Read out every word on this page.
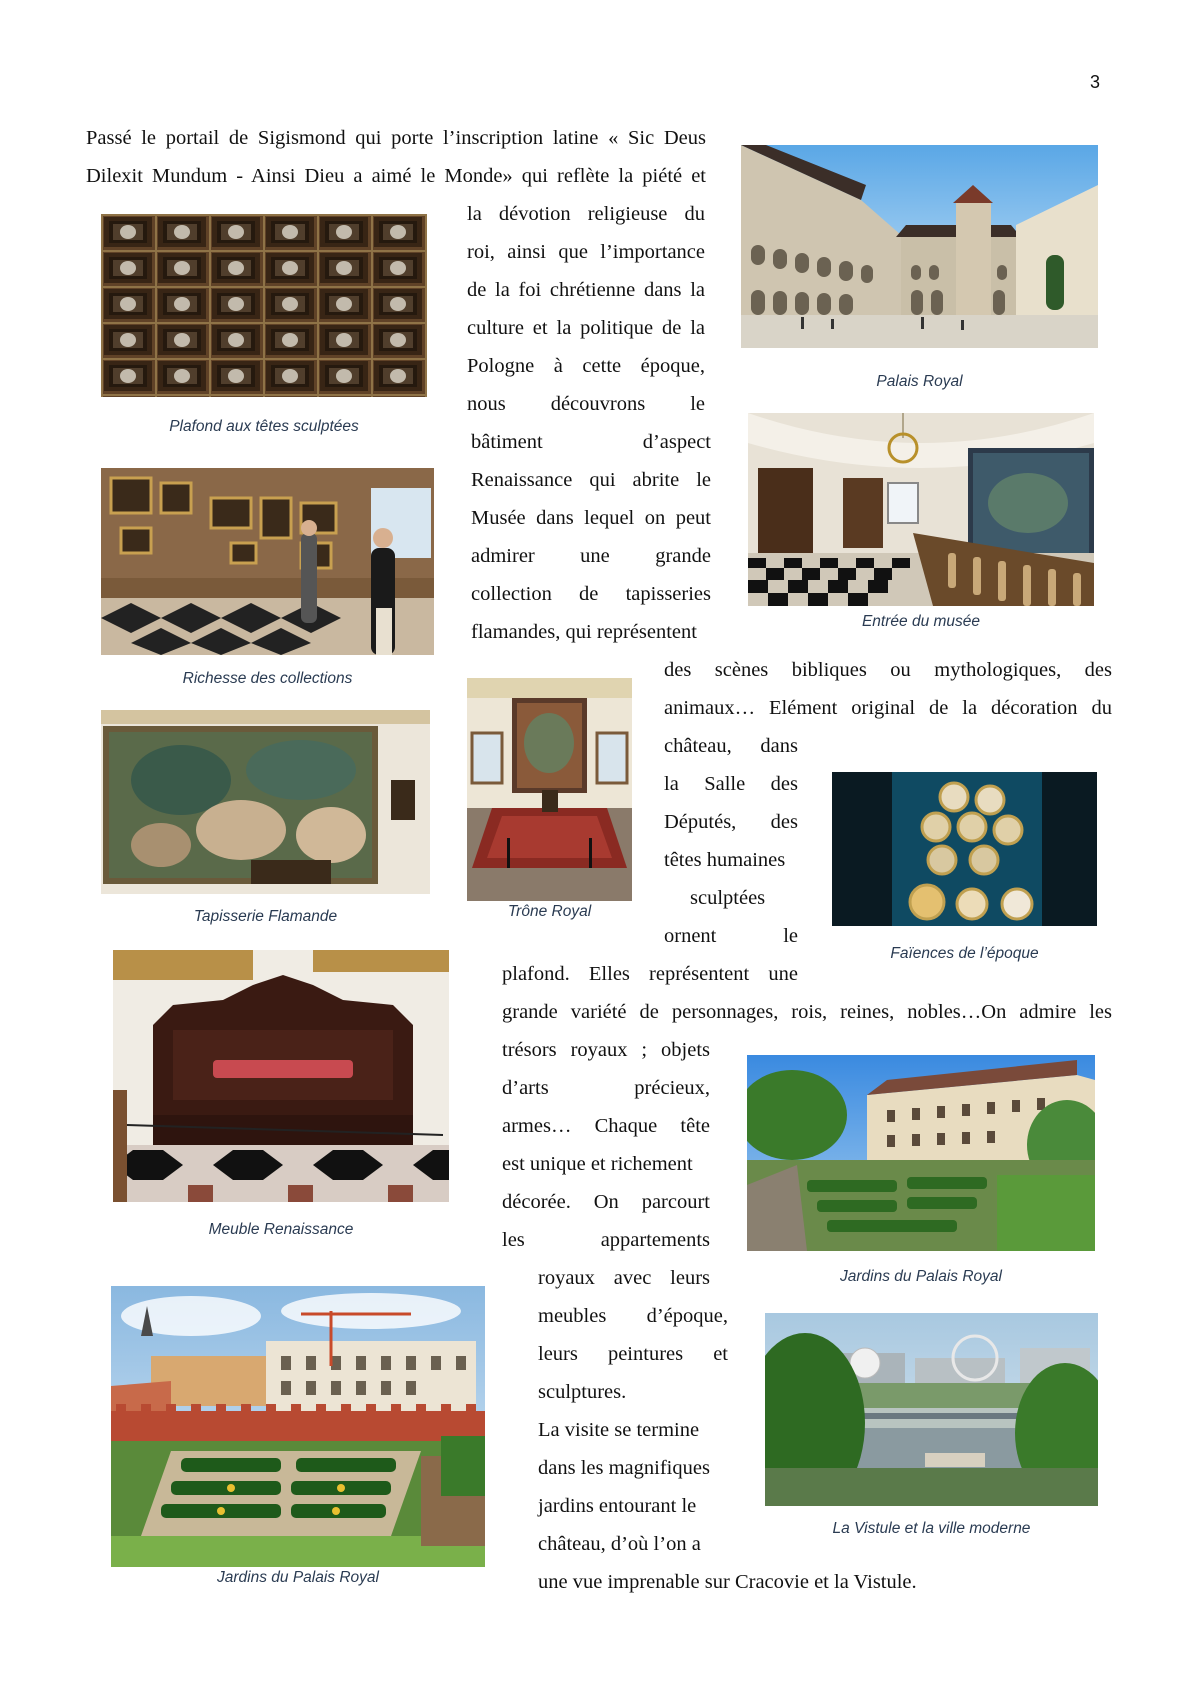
3
Passé le portail de Sigismond qui porte l’inscription latine « Sic Deus
Dilexit Mundum - Ainsi Dieu a aimé le Monde» qui reflète la piété et
la dévotion religieuse du
roi, ainsi que l’importance
de la foi chrétienne dans la
culture et la politique de la
Pologne à cette époque,
nous découvrons le
bâtiment d’aspect
Renaissance qui abrite le
Musée dans lequel on peut
admirer une grande
collection de tapisseries
flamandes, qui représentent
des scènes bibliques ou mythologiques, des
animaux… Elément original de la décoration du
château, dans
la Salle des
Députés, des
têtes humaines
sculptées
ornent le
plafond. Elles représentent une
grande variété de personnages, rois, reines, nobles…On admire les
trésors royaux ; objets
d’arts précieux,
armes… Chaque tête
est unique et richement
décorée. On parcourt
les appartements
royaux avec leurs
meubles d’époque,
leurs peintures et
sculptures.
La visite se termine
dans les magnifiques
jardins entourant le
château, d’où l’on a
une vue imprenable sur Cracovie et la Vistule.
Plafond aux têtes sculptées
Palais Royal
Richesse des collections
Entrée du musée
Tapisserie Flamande	Trône Royal
Faïences de l’époque
Meuble Renaissance
Jardins du Palais Royal
Jardins du Palais Royal
La Vistule et la ville moderne
